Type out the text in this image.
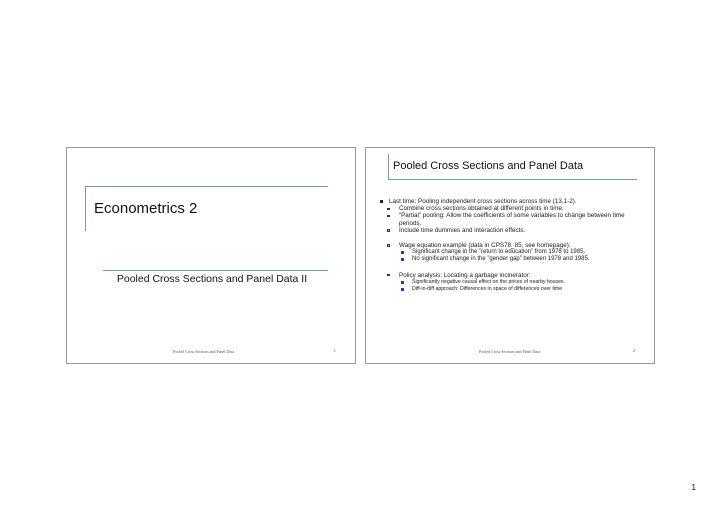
Econometrics 2
Pooled Cross Sections and Panel Data II
Pooled Cross Sections and Panel Data	1
Pooled Cross Sections and Panel Data
Last time: Pooling independent cross sections across time (13.1-2).
Combine cross sections obtained at different points in time.
“Partial” pooling: Allow the coefficients of some variables to change between time periods.
Include time dummies and interaction effects.
Wage equation example (data in CPS78_85, see homepage):
Significant change in the ”return to education” from 1978 to 1985.
No significant change in the ”gender gap” between 1978 and 1985.
Policy analysis: Locating a garbage incinerator:
Significantly negative causal effect on the prices of nearby houses.
Diff-in-diff approach: Differences in space of differences over time
Pooled Cross Sections and Panel Data	2
1
